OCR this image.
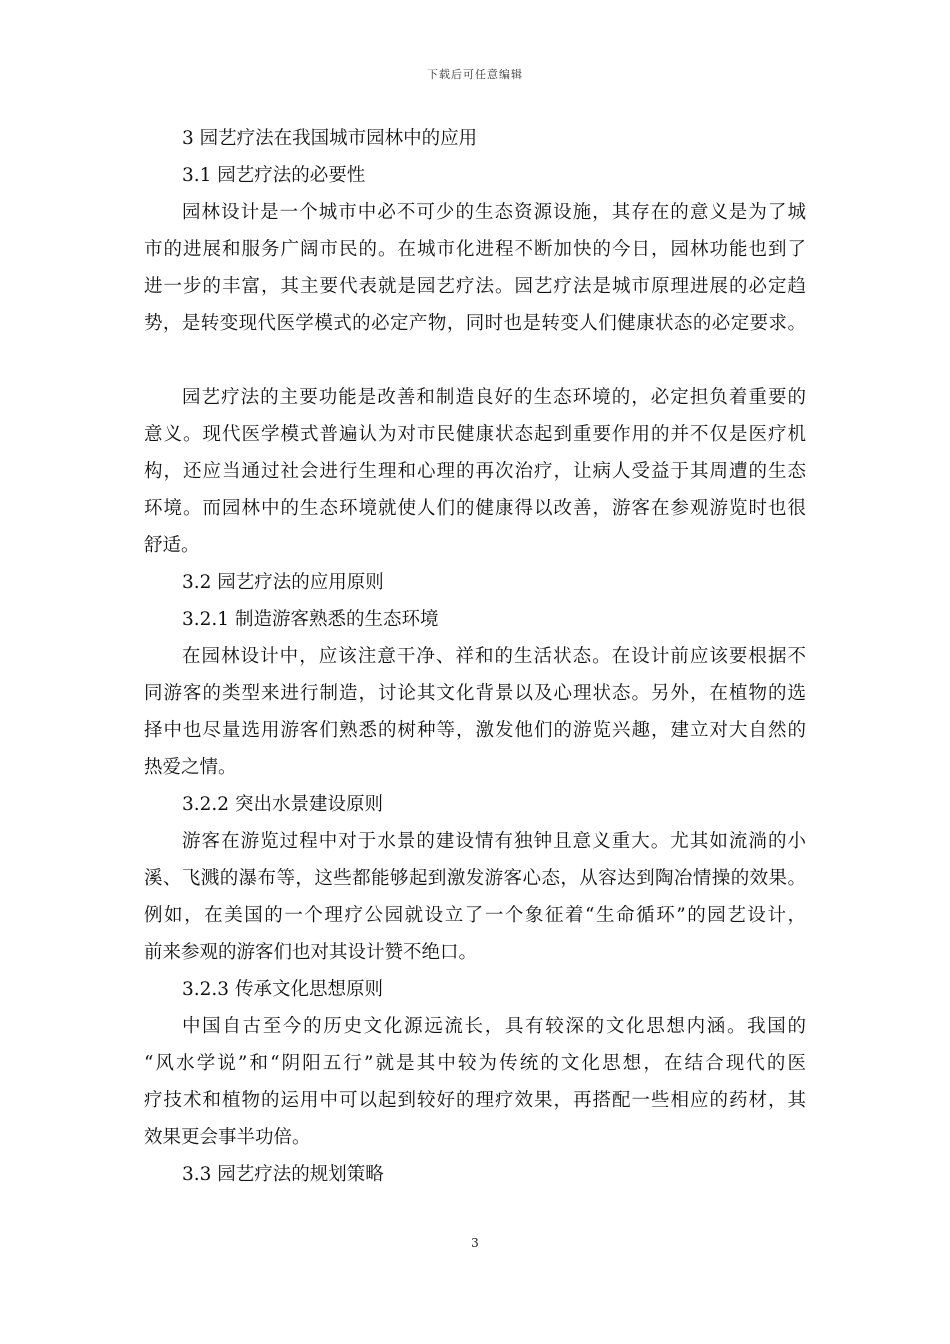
下载后可任意编辑
3 园艺疗法在我国城市园林中的应用
3.1 园艺疗法的必要性
园林设计是一个城市中必不可少的生态资源设施，其存在的意义是为了城
市的进展和服务广阔市民的。在城市化进程不断加快的今日，园林功能也到了
进一步的丰富，其主要代表就是园艺疗法。园艺疗法是城市原理进展的必定趋
势，是转变现代医学模式的必定产物，同时也是转变人们健康状态的必定要求。
园艺疗法的主要功能是改善和制造良好的生态环境的，必定担负着重要的
意义。现代医学模式普遍认为对市民健康状态起到重要作用的并不仅是医疗机
构，还应当通过社会进行生理和心理的再次治疗，让病人受益于其周遭的生态
环境。而园林中的生态环境就使人们的健康得以改善，游客在参观游览时也很
舒适。
3.2 园艺疗法的应用原则
3.2.1 制造游客熟悉的生态环境
在园林设计中，应该注意干净、祥和的生活状态。在设计前应该要根据不
同游客的类型来进行制造，讨论其文化背景以及心理状态。另外，在植物的选
择中也尽量选用游客们熟悉的树种等，激发他们的游览兴趣，建立对大自然的
热爱之情。
3.2.2 突出水景建设原则
游客在游览过程中对于水景的建设情有独钟且意义重大。尤其如流淌的小
溪、飞溅的瀑布等，这些都能够起到激发游客心态，从容达到陶冶情操的效果。
例如，在美国的一个理疗公园就设立了一个象征着“生命循环”的园艺设计，
前来参观的游客们也对其设计赞不绝口。
3.2.3 传承文化思想原则
中国自古至今的历史文化源远流长，具有较深的文化思想内涵。我国的
“风水学说”和“阴阳五行”就是其中较为传统的文化思想，在结合现代的医
疗技术和植物的运用中可以起到较好的理疗效果，再搭配一些相应的药材，其
效果更会事半功倍。
3.3 园艺疗法的规划策略
3
